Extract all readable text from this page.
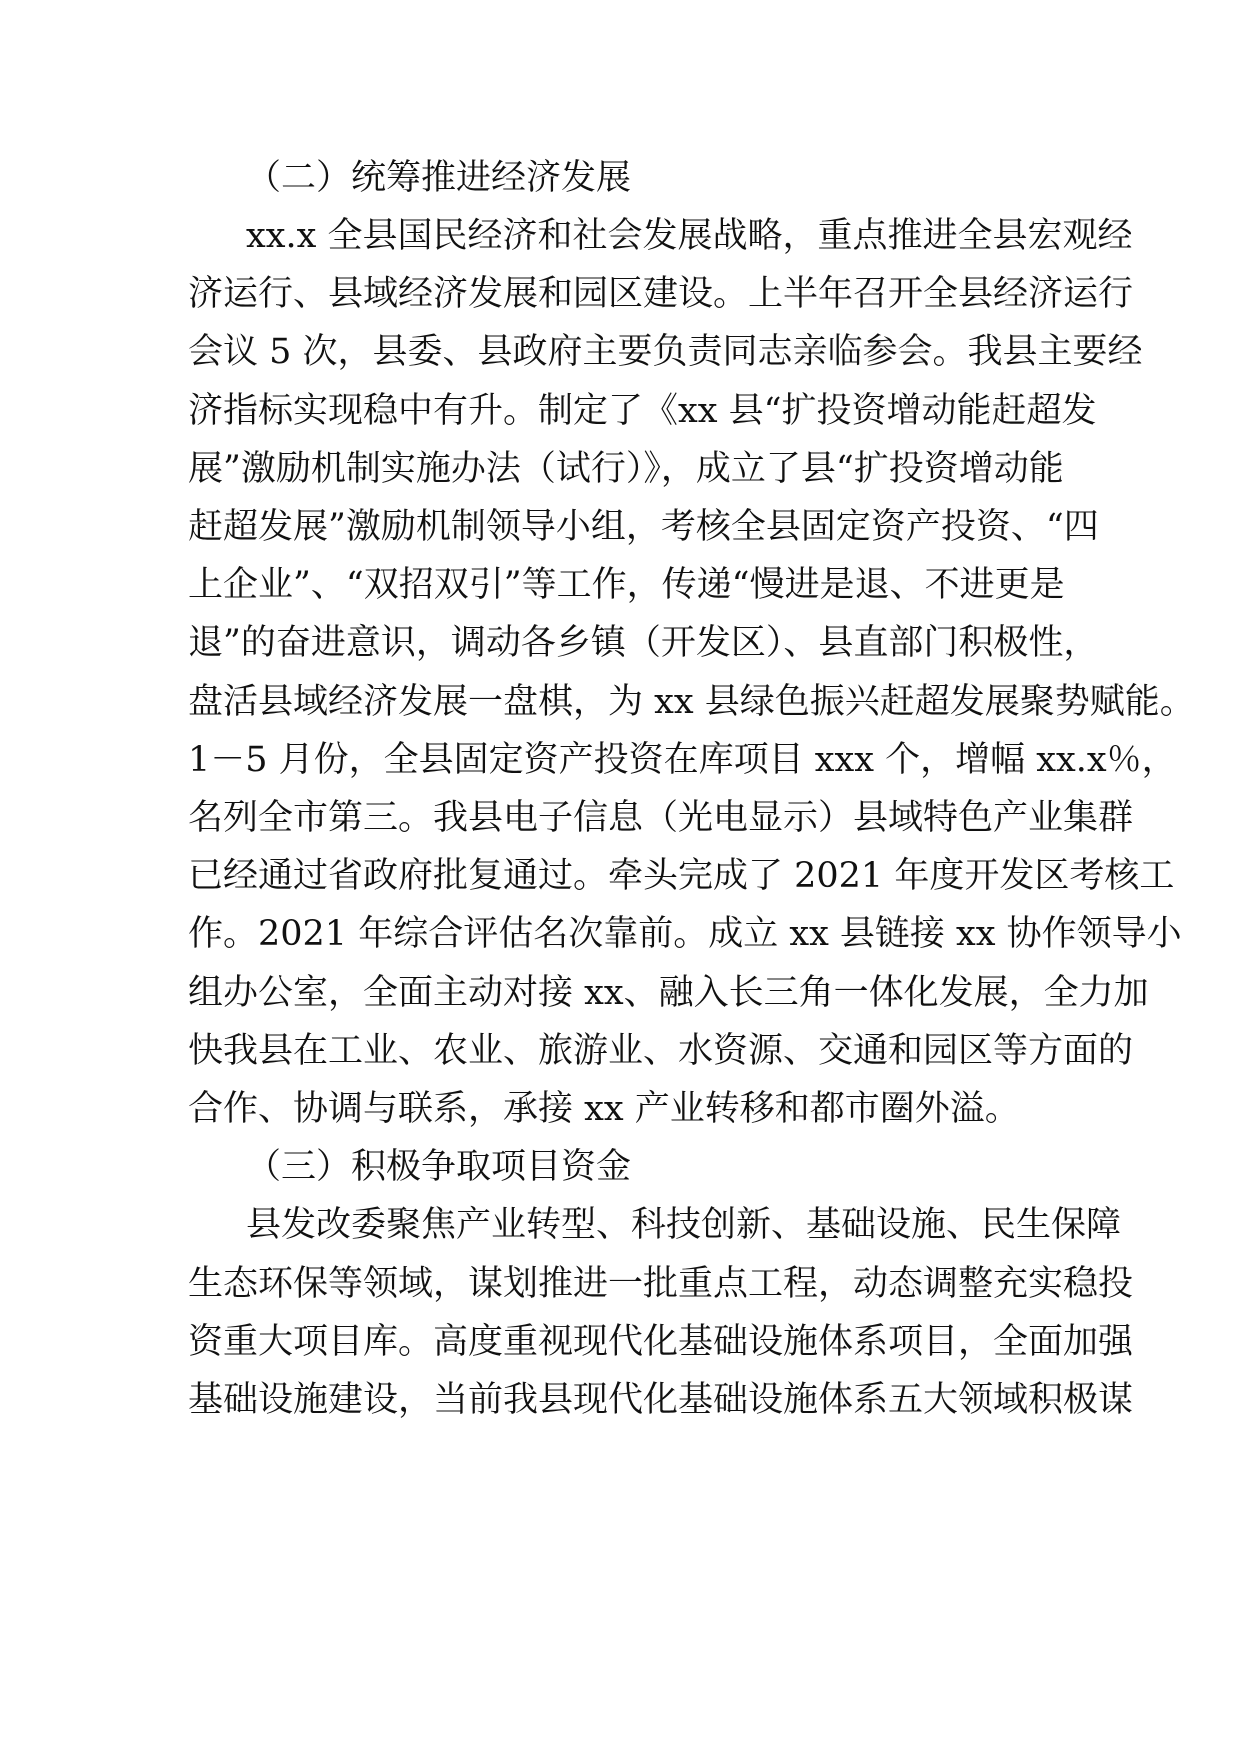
（二）统筹推进经济发展
xx.x 全县国民经济和社会发展战略，重点推进全县宏观经
济运行、县域经济发展和园区建设。上半年召开全县经济运行
会议 5 次，县委、县政府主要负责同志亲临参会。我县主要经
济指标实现稳中有升。制定了《xx 县“扩投资增动能赶超发
展”激励机制实施办法（试行）》，成立了县“扩投资增动能
赶超发展”激励机制领导小组，考核全县固定资产投资、“四
上企业”、“双招双引”等工作，传递“慢进是退、不进更是
退”的奋进意识，调动各乡镇（开发区）、县直部门积极性，
盘活县域经济发展一盘棋，为 xx 县绿色振兴赶超发展聚势赋能。
1－5 月份，全县固定资产投资在库项目 xxx 个，增幅 xx.x％，
名列全市第三。我县电子信息（光电显示）县域特色产业集群
已经通过省政府批复通过。牵头完成了 2021 年度开发区考核工
作。2021 年综合评估名次靠前。成立 xx 县链接 xx 协作领导小
组办公室，全面主动对接 xx、融入长三角一体化发展，全力加
快我县在工业、农业、旅游业、水资源、交通和园区等方面的
合作、协调与联系，承接 xx 产业转移和都市圈外溢。
（三）积极争取项目资金
县发改委聚焦产业转型、科技创新、基础设施、民生保障
生态环保等领域，谋划推进一批重点工程，动态调整充实稳投
资重大项目库。高度重视现代化基础设施体系项目，全面加强
基础设施建设，当前我县现代化基础设施体系五大领域积极谋
